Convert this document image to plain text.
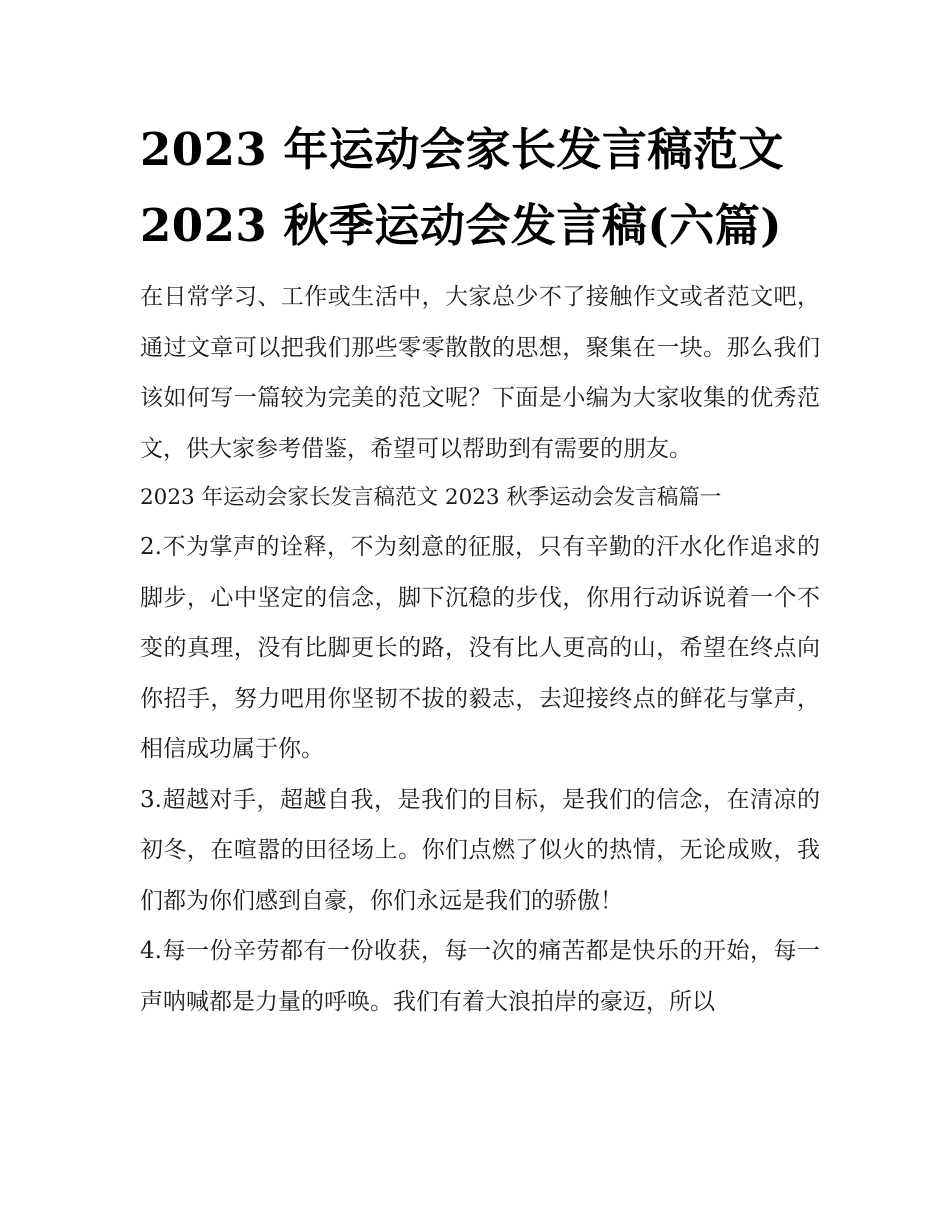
2023 年运动会家长发言稿范文
2023 秋季运动会发言稿(六篇)

在日常学习、工作或生活中，大家总少不了接触作文或者范文吧，通过文章可以把我们那些零零散散的思想，聚集在一块。那么我们该如何写一篇较为完美的范文呢？下面是小编为大家收集的优秀范文，供大家参考借鉴，希望可以帮助到有需要的朋友。

2023 年运动会家长发言稿范文 2023 秋季运动会发言稿篇一

2.不为掌声的诠释，不为刻意的征服，只有辛勤的汗水化作追求的脚步，心中坚定的信念，脚下沉稳的步伐，你用行动诉说着一个不变的真理，没有比脚更长的路，没有比人更高的山，希望在终点向你招手，努力吧用你坚韧不拔的毅志，去迎接终点的鲜花与掌声，相信成功属于你。

3.超越对手，超越自我，是我们的目标，是我们的信念，在清凉的初冬，在喧嚣的田径场上。你们点燃了似火的热情，无论成败，我们都为你们感到自豪，你们永远是我们的骄傲！

4.每一份辛劳都有一份收获，每一次的痛苦都是快乐的开始，每一声呐喊都是力量的呼唤。我们有着大浪拍岸的豪迈，所以
